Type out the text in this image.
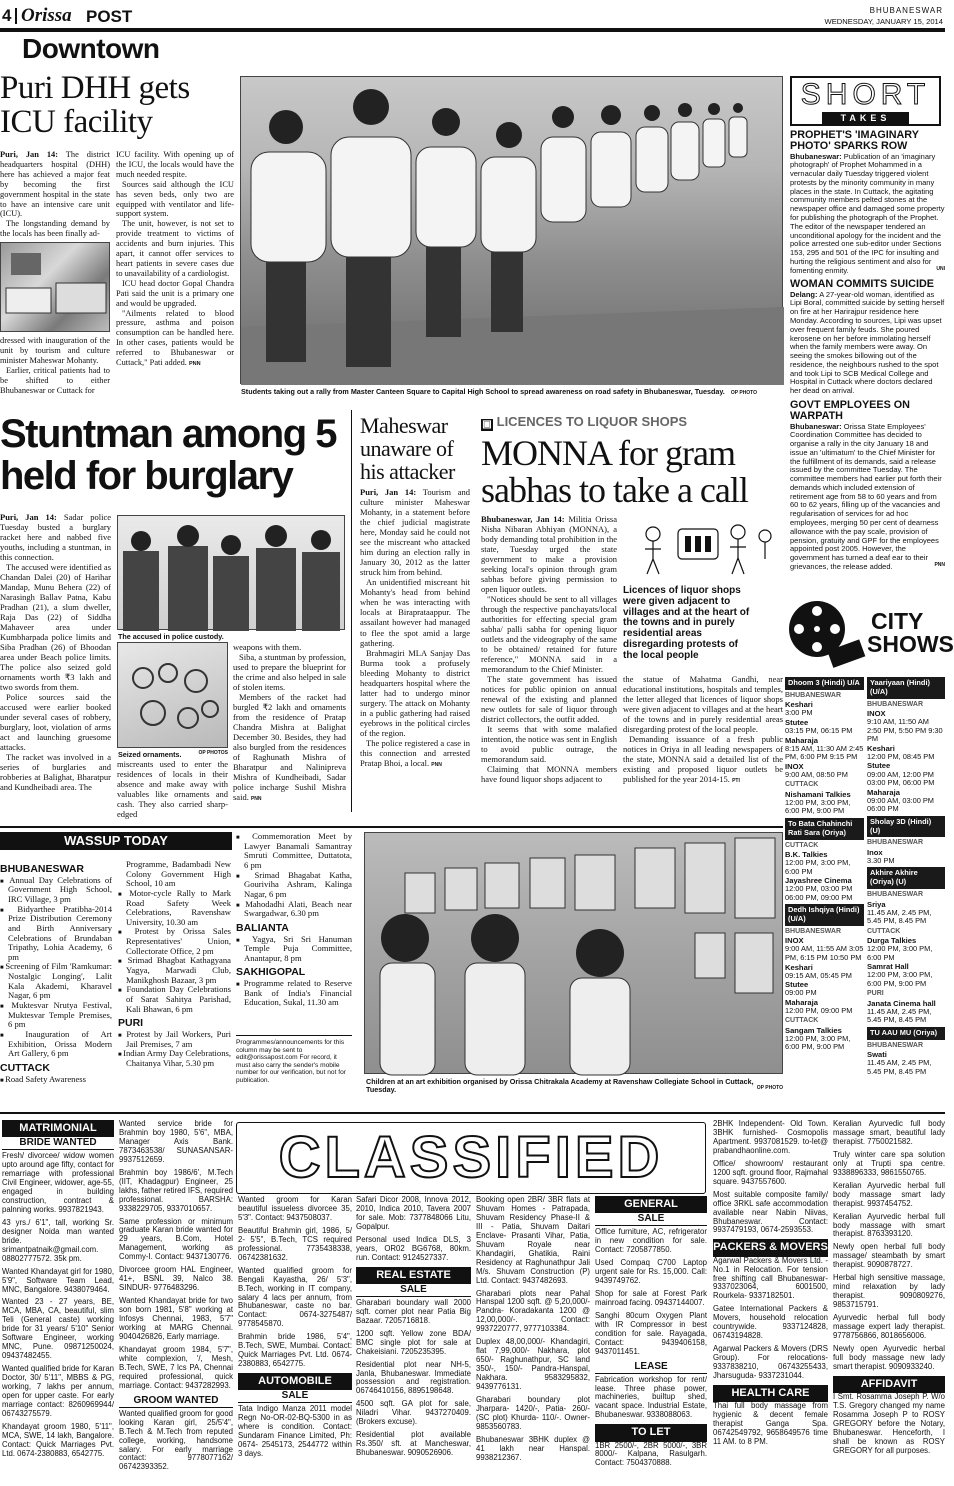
4 Orissa POST	BHUBANESWAR
WEDNESDAY, JANUARY 15, 2014
Downtown
Puri DHH gets ICU facility

Puri, Jan 14: The district headquarters hospital (DHH) here has achieved a major feat by becoming the first government hospital in the state to have an intensive care unit (ICU).

The longstanding demand by the locals has been finally ad-

dressed with inauguration of the unit by tourism and culture minister Maheswar Mohanty.

Earlier, critical patients had to be shifted to either Bhubaneswar or Cuttack for

ICU facility. With opening up of the ICU, the locals would have the much needed respite.

Sources said although the ICU has seven beds, only two are equipped with ventilator and life-support system.

The unit, however, is not set to provide treatment to victims of accidents and burn injuries. This apart, it cannot offer services to heart patients in severe cases due to unavailability of a cardiologist.

ICU head doctor Gopal Chandra Pati said the unit is a primary one and would be upgraded.

"Ailments related to blood pressure, asthma and poison consumption can be handled here. In other cases, patients would be referred to Bhubaneswar or Cuttack," Pati added. PNN

Students taking out a rally from Master Canteen Square to Capital High School to spread awareness on road safety in Bhubaneswar, Tuesday. OP PHOTO
SHORT
TAKES
PROPHET'S 'IMAGINARY PHOTO' SPARKS ROW
Bhubaneswar: Publication of an 'imaginary photograph' of Prophet Mohammed in a vernacular daily Tuesday triggered violent protests by the minority community in many places in the state. In Cuttack, the agitating community members pelted stones at the newspaper office and damaged some property for publishing the photograph of the Prophet. The editor of the newspaper tendered an unconditional apology for the incident and the police arrested one sub-editor under Sections 153, 295 and 501 of the IPC for insulting and hurting the religious sentiment and also for fomenting enmity.	UNI
WOMAN COMMITS SUICIDE
Delang: A 27-year-old woman, identified as Lipi Boral, committed suicide by setting herself on fire at her Harirajpur residence here Monday. According to sources, Lipi was upset over frequent family feuds. She poured kerosene on her before immolating herself when the family members were away. On seeing the smokes billowing out of the residence, the neighbours rushed to the spot and took Lipi to SCB Medical College and Hospital in Cuttack where doctors declared her dead on arrival.
GOVT EMPLOYEES ON WARPATH
Bhubaneswar: Orissa State Employees' Coordination Committee has decided to organise a rally in the city January 18 and issue an 'ultimatum' to the Chief Minister for the fulfillment of its demands, said a release issued by the committee Tuesday. The committee members had earlier put forth their demands which included extension of retirement age from 58 to 60 years and from 60 to 62 years, filling up of the vacancies and regularisation of services for ad hoc employees, merging 50 per cent of dearness allowance with the pay scale, provision of pension, gratuity and GPF for the employees appointed post 2005. However, the government has turned a deaf ear to their grievances, the release added.	PNN
Stuntman among 5 held for burglary

Puri, Jan 14: Sadar police Tuesday busted a burglary racket here and nabbed five youths, including a stuntman, in this connection.

The accused were identified as Chandan Dalei (20) of Harihar Mandap, Munu Behera (22) of Narasingh Ballav Patna, Kabu Pradhan (21), a slum dweller, Raja Das (22) of Siddha Mahaveer area under Kumbharpada police limits and Siba Pradhan (26) of Bhoodan area under Beach police limits. The police also seized gold ornaments worth ₹3 lakh and two swords from them.

Police sources said the accused were earlier booked under several cases of robbery, burglary, loot, violation of arms act and launching gruesome attacks.

The racket was involved in a series of burglaries and robberies at Balighat, Bharatpur and Kundheibadi area. The

The accused in police custody.
Seized ornaments.	OP PHOTOS
miscreants used to enter the residences of locals in their absence and make away with valuables like ornaments and cash. They also carried sharp-edged

weapons with them.

Siba, a stuntman by profession, used to prepare the blueprint for the crime and also helped in sale of stolen items.

Members of the racket had burgled ₹2 lakh and ornaments from the residence of Pratap Chandra Mishra at Balighat December 30. Besides, they had also burgled from the residences of Raghunath Mishra of Bharatpur and Nalinipreva Mishra of Kundheibadi, Sadar police incharge Sushil Mishra said. PNN

Maheswar unaware of his attacker

Puri, Jan 14: Tourism and culture minister Maheswar Mohanty, in a statement before the chief judicial magistrate here, Monday said he could not see the miscreant who attacked him during an election rally in January 30, 2012 as the latter struck him from behind.

An unidentified miscreant hit Mohanty's head from behind when he was interacting with locals at Biraprataappur. The assailant however had managed to flee the spot amid a large gathering.

Brahmagiri MLA Sanjay Das Burma took a profusely bleeding Mohanty to district headquarters hospital where the latter had to undergo minor surgery. The attack on Mohanty in a public gathering had raised eyebrows in the political circles of the region.

The police registered a case in this connection and arrested Pratap Bhoi, a local. PNN

▣ LICENCES TO LIQUOR SHOPS
MONNA for gram sabhas to take a call

Bhubaneswar, Jan 14: Militia Orissa Nisha Nibaran Abhiyan (MONNA), a body demanding total prohibition in the state, Tuesday urged the state government to make a provision seeking local's opinion through gram sabhas before giving permission to open liquor outlets.

"Notices should be sent to all villages through the respective panchayats/local authorities for effecting special gram sabha/ palli sabha for opening liquor outlets and the videography of the same to be obtained/ retained for future reference," MONNA said in a memorandum to the Chief Minister.

The state government has issued notices for public opinion on annual renewal of the existing and planned new outlets for sale of liquor through district collectors, the outfit added.

It seems that with some malafied intention, the notice was sent in English to avoid public outrage, the memorandum said.

Claiming that MONNA members have found liquor shops adjacent to

Licences of liquor shops were given adjacent to villages and at the heart of the towns and in purely residential areas disregarding protests of the local people

the statue of Mahatma Gandhi, near educational institutions, hospitals and temples, the letter alleged that licences of liquor shops were given adjacent to villages and at the heart of the towns and in purely residential areas disregarding protest of the local people.

Demanding issuance of a fresh public notices in Oriya in all leading newspapers of the state, MONNA said a detailed list of the existing and proposed liquor outlets be published for the year 2014-15. PTI

CITY
SHOWS
Dhoom 3 (Hindi) U/A
BHUBANESWAR
Keshari
3:00 PM
Stutee
03:15 PM, 06:15 PM
Maharaja
8:15 AM, 11:30 AM 2:45 PM, 6:00 PM 9:15 PM
INOX
9:00 AM, 08:50 PM
CUTTACK
Nishamani Talkies
12:00 PM, 3:00 PM, 6:00 PM, 9:00 PM
To Bata Chahinchi Rati Sara (Oriya)
CUTTACK
B.K. Talkies
12:00 PM, 3:00 PM, 6:00 PM
Jayashree Cinema
12:00 PM, 03:00 PM 06:00 PM, 09:00 PM
Dedh Ishqiya (Hindi) (U/A)
BHUBANESWAR
INOX
9:00 AM, 11:55 AM 3:05 PM, 6:15 PM 10:50 PM
Keshari
09:15 AM, 05:45 PM
Stutee
09:00 PM
Maharaja
12:00 PM, 09:00 PM
CUTTACK
Sangam Talkies
12:00 PM, 3:00 PM, 6:00 PM, 9:00 PM
Yaariyaan (Hindi) (U/A)
BHUBANESWAR
INOX
9:10 AM, 11:50 AM 2:50 PM, 5:50 PM 9:30 PM
Keshari
12:00 PM, 08:45 PM
Stutee
09:00 AM, 12:00 PM 03:00 PM, 06:00 PM
Maharaja
09:00 AM, 03:00 PM 06:00 PM
Sholay 3D (Hindi) (U)
BHUBANESWAR
Inox
3.30 PM
Akhire Akhire (Oriya) (U)
BHUBANESWAR
Sriya
11.45 AM, 2.45 PM, 5.45 PM, 8.45 PM
CUTTACK
Durga Talkies
12:00 PM, 3:00 PM, 6:00 PM
Samrat Hall
12:00 PM, 3:00 PM, 6:00 PM, 9:00 PM
PURI
Janata Cinema hall
11.45 AM, 2.45 PM, 5.45 PM, 8.45 PM
TU AAU MU (Oriya)
BHUBANESWAR
Swati
11.45 AM, 2.45 PM, 5.45 PM, 8.45 PM
WASSUP TODAY
BHUBANESWAR
■ Annual Day Celebrations of Government High School, IRC Village, 3 pm
■ Bidyarthee Pratibha-2014 Prize Distribution Ceremony and Birth Anniversary Celebrations of Brundaban Tripathy, Lohia Academy, 6 pm
■ Screening of Film 'Ramkumar: Nostalgic Longing', Lalit Kala Akademi, Kharavel Nagar, 6 pm
■ Muktesvar Nrutya Festival, Muktesvar Temple Premises, 6 pm
■ Inauguration of Art Exhibition, Orissa Modern Art Gallery, 6 pm
CUTTACK
■ Road Safety Awareness
Programme, Badambadi New Colony Government High School, 10 am
■ Motor-cycle Rally to Mark Road Safety Week Celebrations, Ravenshaw University, 10.30 am
■ Protest by Orissa Sales Representatives' Union, Collectorate Office, 2 pm
■ Srimad Bhagbat Kathagyana Yagya, Marwadi Club, Manikghosh Bazaar, 3 pm
■ Foundation Day Celebrations of Sarat Sahitya Parishad, Kali Bhawan, 6 pm
PURI
■ Protest by Jail Workers, Puri Jail Premises, 7 am
■ Indian Army Day Celebrations, Chaitanya Vihar, 5.30 pm
■ Commemoration Meet by Lawyer Banamali Samantray Smruti Committee, Duttatota, 6 pm
■ Srimad Bhagabat Katha, Gouriviha Ashram, Kalinga Nagar, 6 pm
■ Mahodadhi Alati, Beach near Swargadwar, 6.30 pm
BALIANTA
■ Yagya, Sri Sri Hanuman Temple Puja Committee, Anantapur, 8 pm
SAKHIGOPAL
■ Programme related to Reserve Bank of India's Financial Education, Sukal, 11.30 am
Programmes/announcements for this column may be sent to edit@orissapost.com For record, it must also carry the sender's mobile number for our verification, but not for publication.	Children at an art exhibition organised by Orissa Chitrakala Academy at Ravenshaw Collegiate School in Cuttack, Tuesday.	OP PHOTO
CLASSIFIED
MATRIMONIAL
BRIDE WANTED
Fresh/ divorcee/ widow women upto around age fifty, contact for remarriage with professional Civil Engineer, widower, age-55, engaged in building construction, contract & palnning works. 9937821943.
43 yrs./ 6'1", tall, working Sr. designer Noida man wanted bride. srimantpatnaik@gmail.com. 08802777572. 35k pm.
Wanted Khandayat girl for 1980, 5'9", Software Team Lead, MNC, Bangalore. 9438079464.
Wanted 23 - 27 years, BE, MCA, MBA, CA, beautiful, slim Teli (General caste) working bride for 31 years/ 5'10" Senior Software Engineer, working MNC, Pune. 09871250024, 09437482455.
Wanted qualified bride for Karan Doctor, 30/ 5'11", MBBS & PG, working, 7 lakhs per annum, open for upper caste. For early marriage contact: 8260969944/ 06743275579.
Khandayat groom 1980, 5'11", MCA, SWE, 14 lakh, Bangalore. Contact: Quick Marriages Pvt. Ltd. 0674-2380883, 6542775.
Wanted service bride for Brahmin boy 1980, 5'6", MBA, Manager Axis Bank. 7873463538/ SUNASANSAR-9937512659.
Brahmin boy 1986/6', M.Tech (IIT, Khadagpur) Engineer, 25 lakhs, father retired IFS, required professional. BARSHA: 9338229705, 9337010657.
Same profession or minimum graduate Karan bride wanted for 29 years, B.Com, Hotel Management, working as Commy-I. Contact: 9437130776.
Divorcee groom HAL Engineer, 41+, BSNL 39, Nalco 38. SINDUR- 9776483296.
Wanted Khandayat bride for two son born 1981, 5'8" working at Infosys Chennai, 1983, 5'7" working at MARG Chennai. 9040426826, Early marriage.
Khandayat groom 1984, 5'7", white complexion, '/, Mesh, B.Tech, SWE, 7 lcs PA, Chennai required professional, quick marriage. Contact: 9437282993.
GROOM WANTED
Wanted qualified groom for good looking Karan girl, 25/5'4", B.Tech & M.Tech from reputed college, working, handsome salary. For early marriage contact: 9778077162/ 06742393352.
Wanted groom for Karan beautiful issueless divorcee 35, 5'3". Contact: 9437508037.
Beautiful Brahmin girl, 1986, 5/ 2- 5'5", B.Tech, TCS required professional. 7735438338, 06742381632.
Wanted qualified groom for Bengali Kayastha, 26/ 5'3", B.Tech, working in IT company, salary 4 lacs per annum, from Bhubaneswar, caste no bar. Contact: 0674-3275487/ 9778545870.
Brahmin bride 1986, 5'4", B.Tech, SWE, Mumbai. Contact: Quick Marriages Pvt. Ltd. 0674-2380883, 6542775.
AUTOMOBILE
SALE
Tata Indigo Manza 2011 model Regn No-OR-02-BQ-5300 in as where is condition. Contact: Sundaram Finance Limited, Ph: 0674- 2545173, 2544772 within 3 days.
Safari Dicor 2008, Innova 2012, 2010, Indica 2010, Tavera 2007 for sale. Mob: 7377848066 Litu, Gopalpur.
Personal used Indica DLS, 3 years, OR02 BG6768, 80km. run. Contact: 9124527337.
REAL ESTATE
SALE
Gharabari boundary wall 2000 sqft. corner plot near Patia Big Bazaar. 7205716818.
1200 sqft. Yellow zone BDA/ BMC single plot for sale at Chakeisiani. 7205235395.
Residential plot near NH-5, Janla, Bhubaneswar. Immediate possession and registration. 06746410156, 8895198648.
4500 sqft. GA plot for sale, Niladri Vihar. 9437270409. (Brokers excuse).
Residential plot available Rs.350/ sft. at Mancheswar, Bhubaneswar. 9090526906.
Booking open 2BR/ 3BR flats at Shuvam Homes - Patrapada, Shuvam Residency Phase-II & III - Patia, Shuvam Daitari Enclave- Prasanti Vihar, Patia, Shuvam Royale near Khandagiri, Ghatikia, Raini Residency at Raghunathpur Jali M/s. Shuvam Construction (P) Ltd. Contact: 9437482693.
Gharabari plots near Pahal Hanspal 1200 sqft. @ 5,20,000/- Pandra- Koradakanta 1200 @ 12,00,000/-. Contact: 9937220777, 9777103384.
Duplex 48,00,000/- Khandagiri, flat 7,99,000/- Nakhara, plot 650/- Raghunathpur, SC land 350/-, 150/- Pandra-Hanspal, Nakhara. 9583295832, 9439776131.
Gharabari boundary plot Jharpara- 1420/-, Patia- 260/- (SC plot) Khurda- 110/-. Owner- 9853560783.
Bhubaneswar 3BHK duplex @ 41 lakh near Hanspal. 9938212367.
GENERAL
SALE
Office furniture, AC, refrigerator in new condition for sale. Contact: 7205877850.
Used Compaq C700 Laptop urgent sale for Rs. 15,000. Call: 9439749762.
Shop for sale at Forest Park mainroad facing. 09437144007.
Sanghi 80cum Oxygen Plant with IR Compressor in best condition for sale. Rayagada, Contact: 9439406158, 9437011451.
LEASE
Fabrication workshop for rent/ lease. Three phase power, machineries, builtup shed, vacant space. Industrial Estate, Bhubaneswar. 9338088063.
TO LET
1BR 2500/-, 2BR 5000/-, 3BR 8000/- Kalpana, Rasulgarh. Contact: 7504370888.
2BHK Independent- Old Town. 3BHK furnished- Cosmopolis Apartment. 9937081529. to-let@ prabandhaonline.com.
Office/ showroom/ restaurant 1200 sqft. ground floor, Rajmahal square. 9437557600.
Most suitable composite family/ office 3RKL safe accommodation available near Nabin Niivas, Bhubaneswar. Contact: 9937479193, 0674-2593553.
PACKERS & MOVERS
Agarwal Packers & Movers Ltd. - No.1 in Relocation. For tension free shifting call Bhubaneswar- 9337023064, 6001500, Rourkela- 9337182501.
Gatee International Packers & Movers, household relocation countrywide. 9337124828, 06743194828.
Agarwal Packers & Movers (DRS Group). For relocations- 9337838210, 06743255433, Jharsuguda- 9337231044.
HEALTH CARE
Thai full body massage from hygienic & decent female therapist Ganga Spa. 06742549792, 9658649576 time 11 AM. to 8 PM.
Keralian Ayurvedic full body massage smart, beautiful lady therapist. 7750021582.
Truly winter care spa solution only at Trupti spa centre. 9338896333, 9861550765.
Keralian Ayurvedic herbal full body massage smart lady therapist. 9937454752.
Keralian Ayurvedic herbal full body massage with smart therapist. 8763393120.
Newly open herbal full body massage/ steambath by smart therapist. 9090878727.
Herbal high sensitive massage, mind relaxation by lady therapist. 9090809276, 9853715791.
Ayurvedic herbal full body massage expert lady therapist. 9778756866, 8018656006.
Newly open Ayurvedic herbal full body massage new lady smart therapist. 9090933240.
AFFIDAVIT
I Smt. Rosamma Joseph P. W/o T.S. Gregory changed my name Rosamma Joseph P to ROSY GREGORY before the Notary, Bhubaneswar. Henceforth, I shall be known as ROSY GREGORY for all purposes.
